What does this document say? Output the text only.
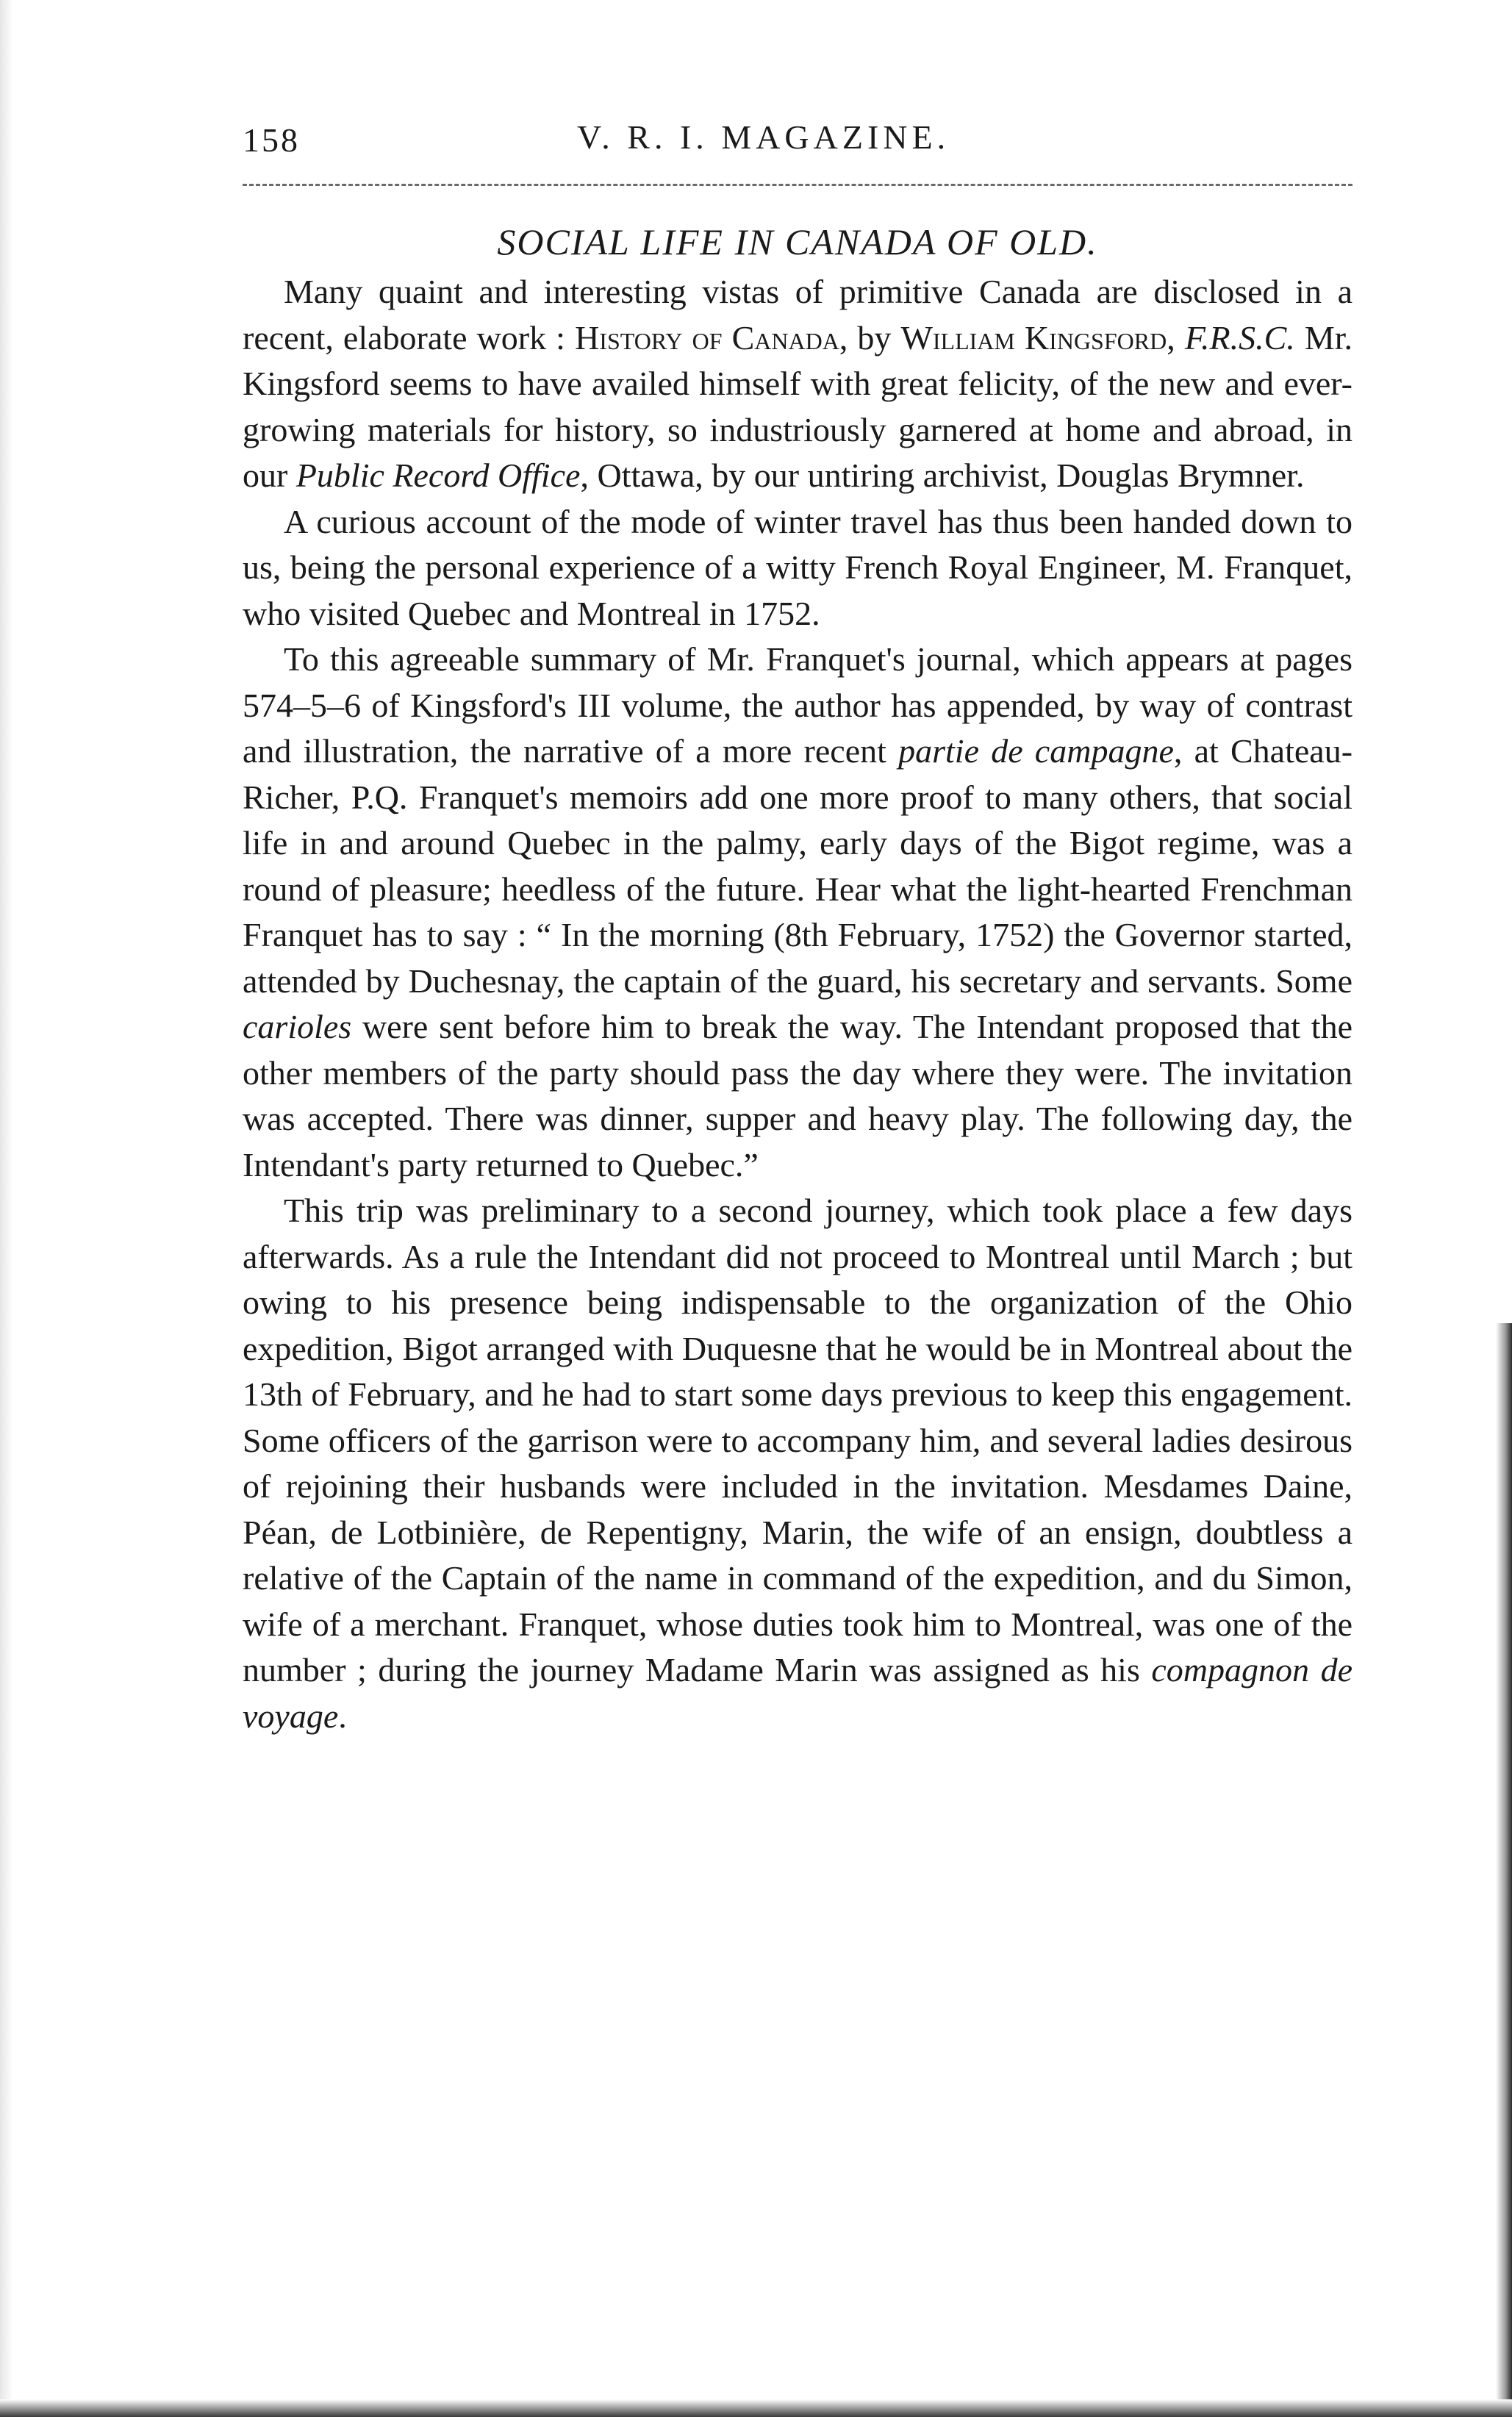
158	V. R. I. MAGAZINE.
SOCIAL LIFE IN CANADA OF OLD.

Many quaint and interesting vistas of primitive Canada are disclosed in a recent, elaborate work : History of Canada, by William Kingsford, F.R.S.C. Mr. Kingsford seems to have availed himself with great felicity, of the new and ever-growing materials for history, so industriously garnered at home and abroad, in our Public Record Office, Ottawa, by our untiring archivist, Douglas Brymner.

A curious account of the mode of winter travel has thus been handed down to us, being the personal experience of a witty French Royal Engineer, M. Franquet, who visited Quebec and Montreal in 1752.

To this agreeable summary of Mr. Franquet's journal, which appears at pages 574–5–6 of Kingsford's III volume, the author has appended, by way of contrast and illustration, the narrative of a more recent partie de campagne, at Chateau-Richer, P.Q. Franquet's memoirs add one more proof to many others, that social life in and around Quebec in the palmy, early days of the Bigot regime, was a round of pleasure; heedless of the future. Hear what the light-hearted Frenchman Franquet has to say : “ In the morning (8th February, 1752) the Governor started, attended by Duchesnay, the captain of the guard, his secretary and servants. Some carioles were sent before him to break the way. The Intendant proposed that the other members of the party should pass the day where they were. The invitation was accepted. There was dinner, supper and heavy play. The following day, the Intendant's party returned to Quebec.”

This trip was preliminary to a second journey, which took place a few days afterwards. As a rule the Intendant did not proceed to Montreal until March ; but owing to his presence being indispensable to the organization of the Ohio expedition, Bigot arranged with Duquesne that he would be in Montreal about the 13th of February, and he had to start some days previous to keep this engagement. Some officers of the garrison were to accompany him, and several ladies desirous of rejoining their husbands were included in the invitation. Mesdames Daine, Péan, de Lotbinière, de Repentigny, Marin, the wife of an ensign, doubtless a relative of the Captain of the name in command of the expedition, and du Simon, wife of a merchant. Franquet, whose duties took him to Montreal, was one of the number ; during the journey Madame Marin was assigned as his compagnon de voyage.
